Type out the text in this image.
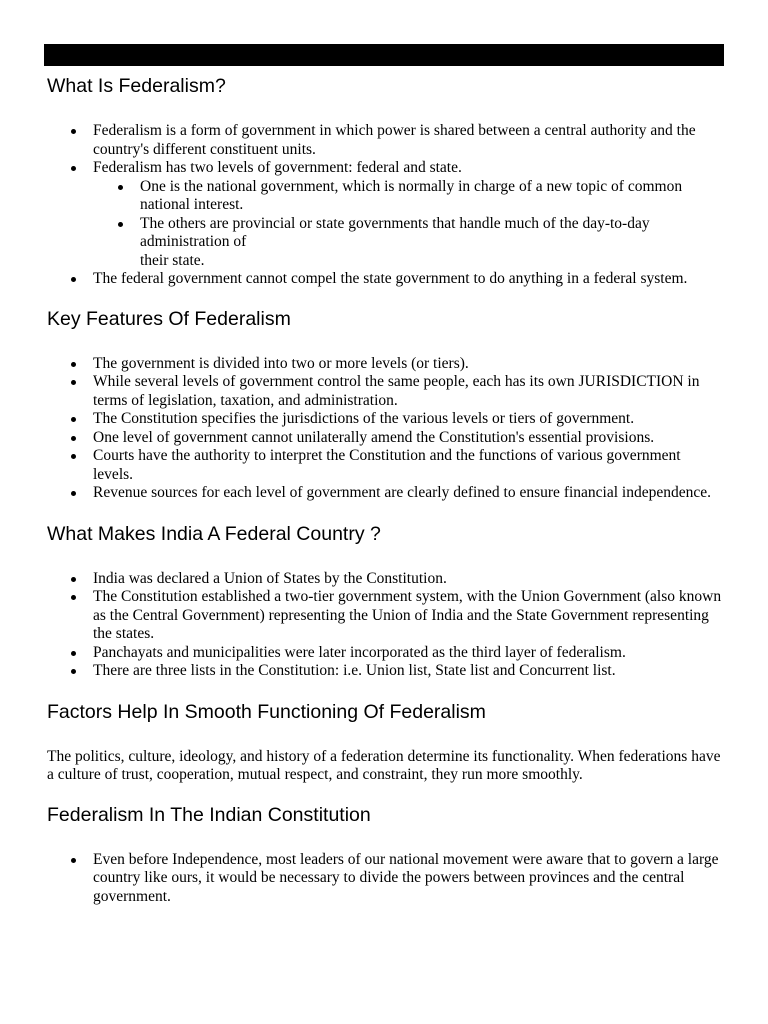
What Is Federalism?
Federalism is a form of government in which power is shared between a central authority and the country's different constituent units.
Federalism has two levels of government: federal and state.
One is the national government, which is normally in charge of a new topic of common national interest.
The others are provincial or state governments that handle much of the day-to-day administration of
their state.
The federal government cannot compel the state government to do anything in a federal system.
Key Features Of Federalism
The government is divided into two or more levels (or tiers).
While several levels of government control the same people, each has its own JURISDICTION in terms of legislation, taxation, and administration.
The Constitution specifies the jurisdictions of the various levels or tiers of government.
One level of government cannot unilaterally amend the Constitution's essential provisions.
Courts have the authority to interpret the Constitution and the functions of various government levels.
Revenue sources for each level of government are clearly defined to ensure financial independence.
What Makes India A Federal Country ?
India was declared a Union of States by the Constitution.
The Constitution established a two-tier government system, with the Union Government (also known as the Central Government) representing the Union of India and the State Government representing the states.
Panchayats and municipalities were later incorporated as the third layer of federalism.
There are three lists in the Constitution: i.e. Union list, State list and Concurrent list.
Factors Help In Smooth Functioning Of Federalism

The politics, culture, ideology, and history of a federation determine its functionality. When federations have a culture of trust, cooperation, mutual respect, and constraint, they run more smoothly.

Federalism In The Indian Constitution
Even before Independence, most leaders of our national movement were aware that to govern a large country like ours, it would be necessary to divide the powers between provinces and the central government.
